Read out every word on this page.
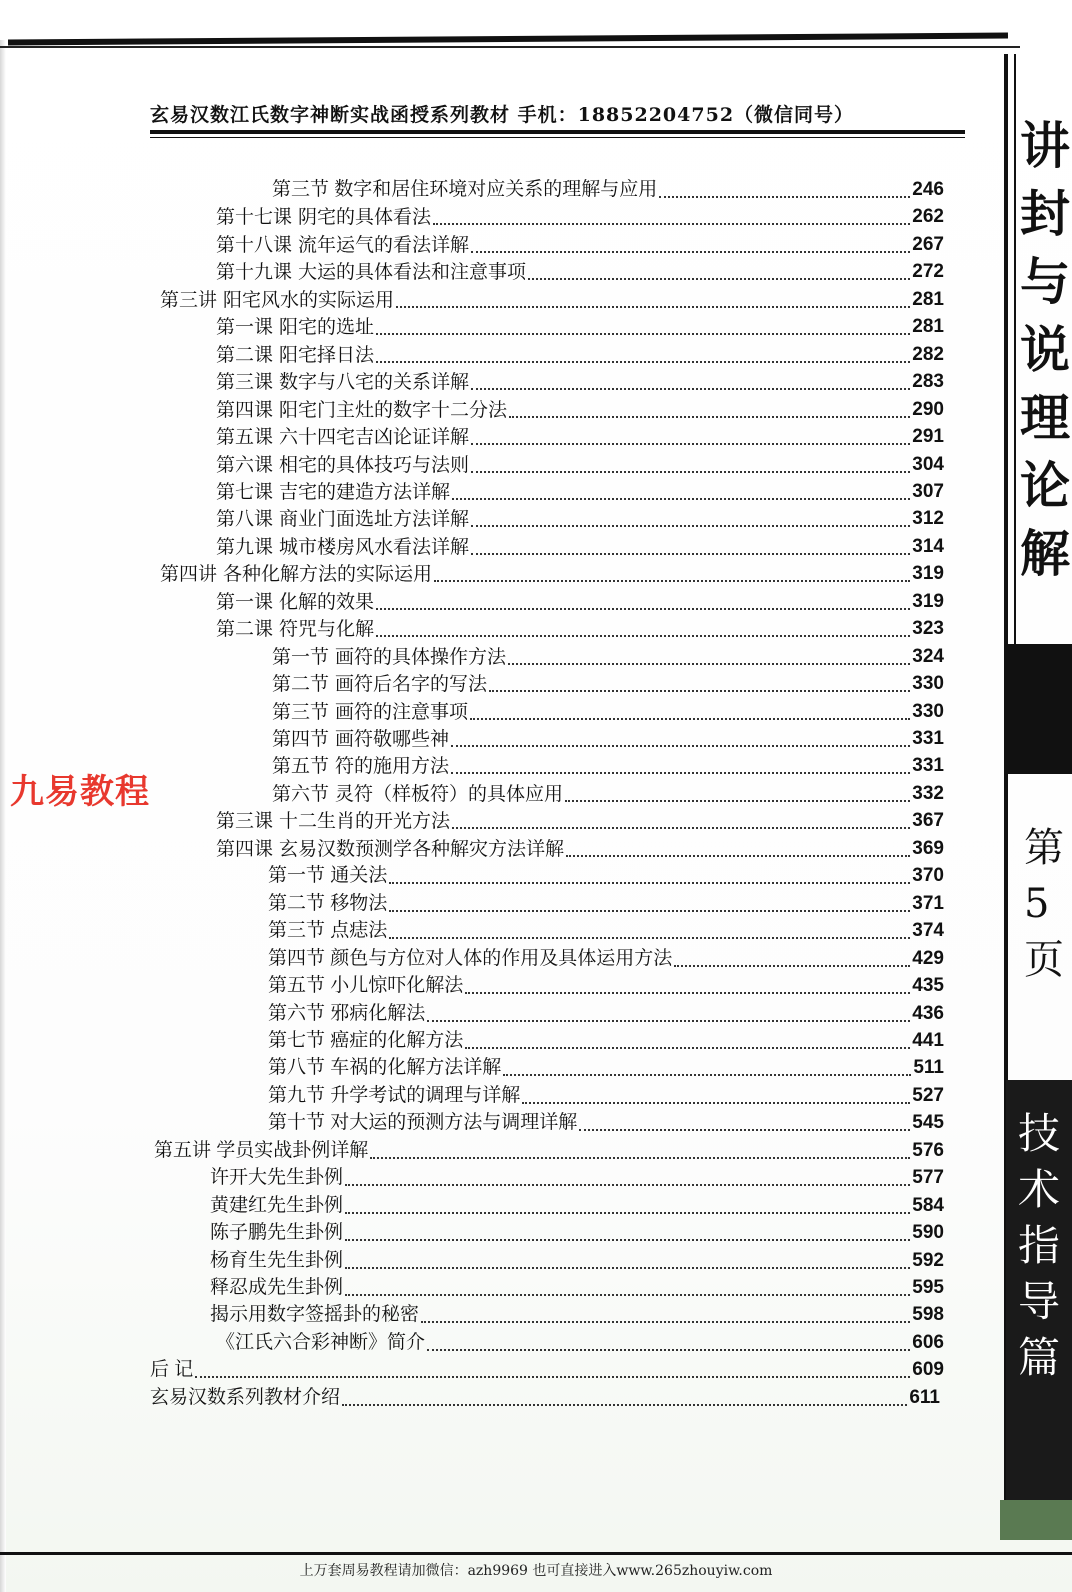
玄易汉数江氏数字神断实战函授系列教材 手机：18852204752（微信同号）
第三节 数字和居住环境对应关系的理解与应用	246
第十七课 阴宅的具体看法	262
第十八课 流年运气的看法详解	267
第十九课 大运的具体看法和注意事项	272
第三讲 阳宅风水的实际运用	281
第一课 阳宅的选址	281
第二课 阳宅择日法	282
第三课 数字与八宅的关系详解	283
第四课 阳宅门主灶的数字十二分法	290
第五课 六十四宅吉凶论证详解	291
第六课 相宅的具体技巧与法则	304
第七课 吉宅的建造方法详解	307
第八课 商业门面选址方法详解	312
第九课 城市楼房风水看法详解	314
第四讲 各种化解方法的实际运用	319
第一课 化解的效果	319
第二课 符咒与化解	323
第一节 画符的具体操作方法	324
第二节 画符后名字的写法	330
第三节 画符的注意事项	330
第四节 画符敬哪些神	331
第五节 符的施用方法	331
第六节 灵符（样板符）的具体应用	332
第三课 十二生肖的开光方法	367
第四课 玄易汉数预测学各种解灾方法详解	369
第一节 通关法	370
第二节 移物法	371
第三节 点痣法	374
第四节 颜色与方位对人体的作用及具体运用方法	429
第五节 小儿惊吓化解法	435
第六节 邪病化解法	436
第七节 癌症的化解方法	441
第八节 车祸的化解方法详解	511
第九节 升学考试的调理与详解	527
第十节 对大运的预测方法与调理详解	545
第五讲 学员实战卦例详解	576
许开大先生卦例	577
黄建红先生卦例	584
陈子鹏先生卦例	590
杨育生先生卦例	592
释忍成先生卦例	595
揭示用数字签摇卦的秘密	598
《江氏六合彩神断》简介	606
后 记	609
玄易汉数系列教材介绍	611
九易教程
讲
封
与
说
理
论
解
第
5
页
技
术
指
导
篇
上万套周易教程请加微信：azh9969 也可直接进入www.265zhouyiw.com
